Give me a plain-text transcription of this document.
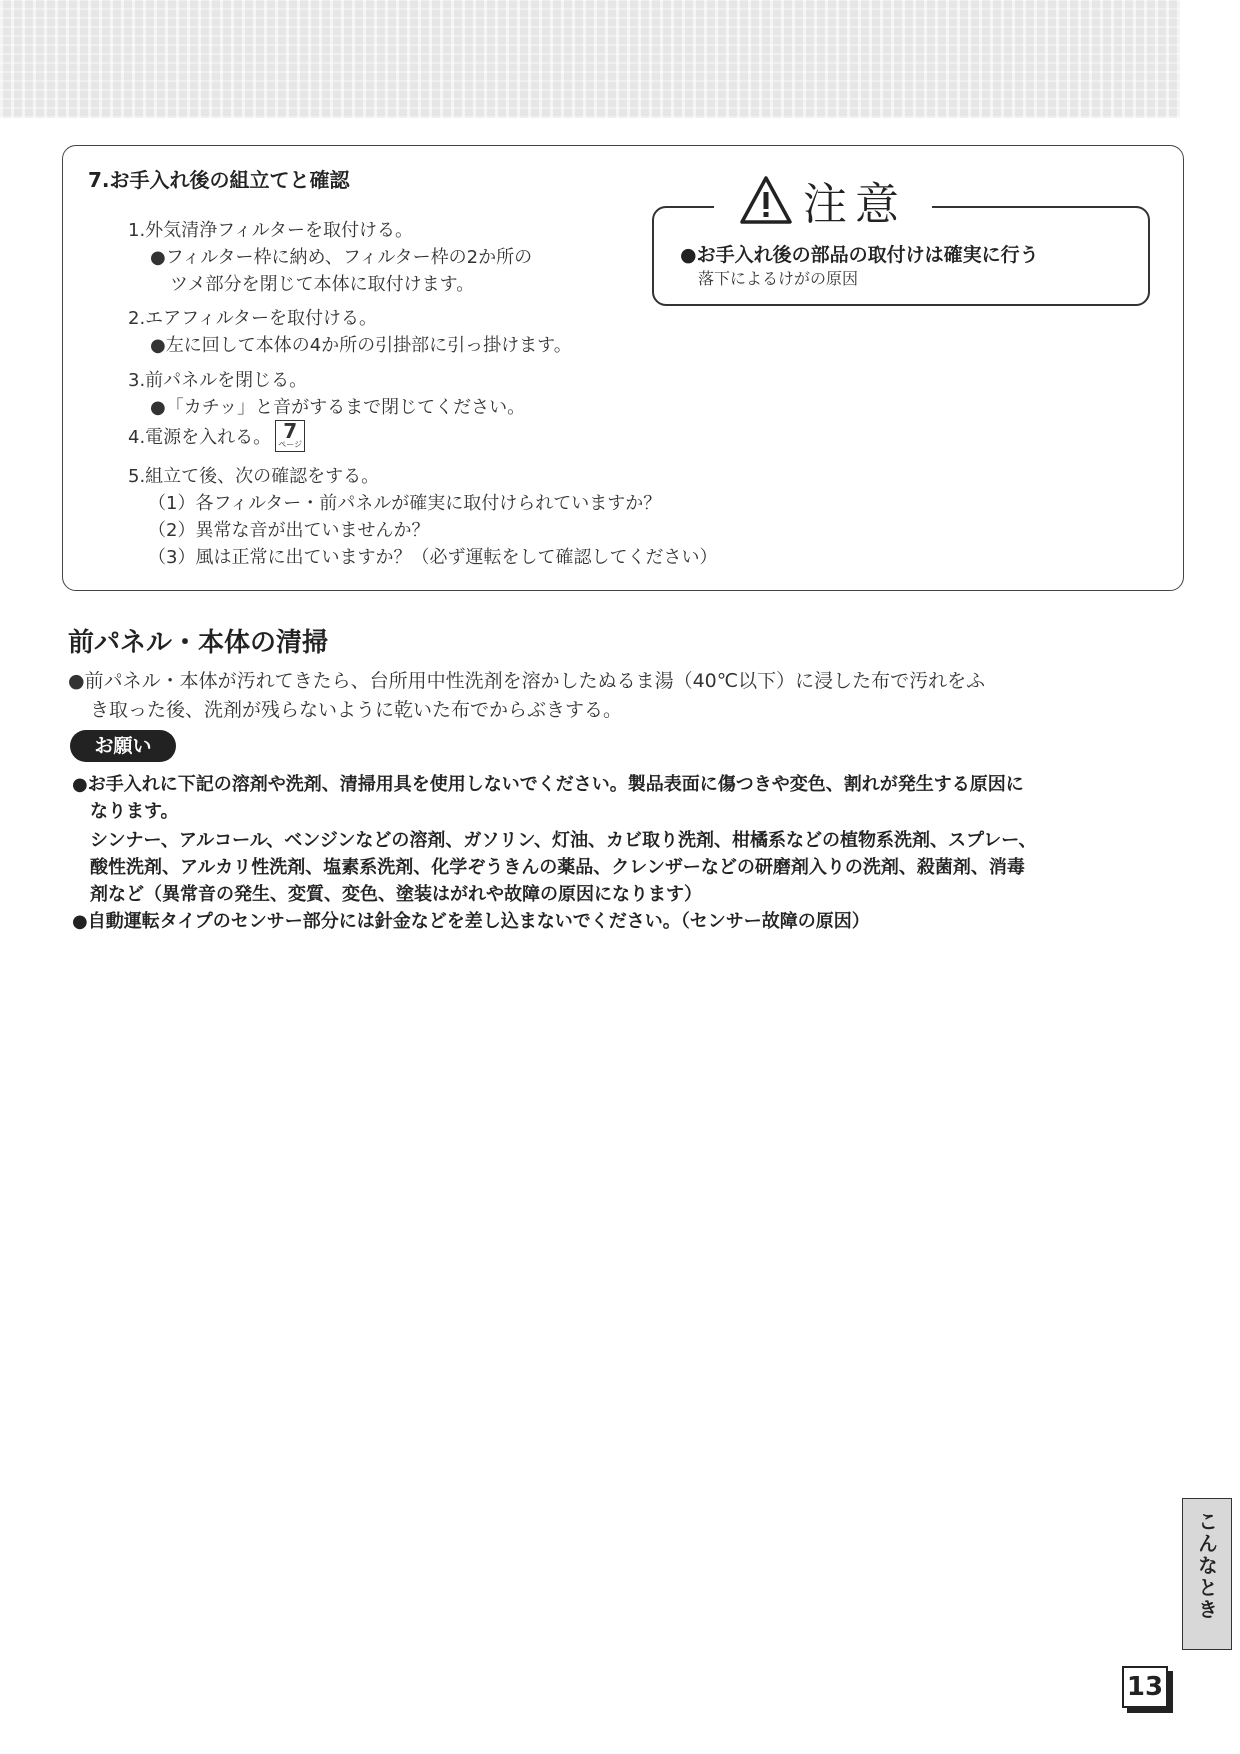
7.お手入れ後の組立てと確認
1.外気清浄フィルターを取付ける。
●フィルター枠に納め、フィルター枠の2か所の
ツメ部分を閉じて本体に取付けます。
2.エアフィルターを取付ける。
●左に回して本体の4か所の引掛部に引っ掛けます。
3.前パネルを閉じる。
●「カチッ」と音がするまで閉じてください。
4.電源を入れる。 7
ページ
5.組立て後、次の確認をする。
（1）各フィルター・前パネルが確実に取付けられていますか？
（2）異常な音が出ていませんか？
（3）風は正常に出ていますか？（必ず運転をして確認してください）
注意
●お手入れ後の部品の取付けは確実に行う
落下によるけがの原因
前パネル・本体の清掃
●前パネル・本体が汚れてきたら、台所用中性洗剤を溶かしたぬるま湯（40℃以下）に浸した布で汚れをふ
き取った後、洗剤が残らないように乾いた布でからぶきする。
お願い
●お手入れに下記の溶剤や洗剤、清掃用具を使用しないでください。製品表面に傷つきや変色、割れが発生する原因に
なります。
シンナー、アルコール、ベンジンなどの溶剤、ガソリン、灯油、カビ取り洗剤、柑橘系などの植物系洗剤、スプレー、
酸性洗剤、アルカリ性洗剤、塩素系洗剤、化学ぞうきんの薬品、クレンザーなどの研磨剤入りの洗剤、殺菌剤、消毒
剤など（異常音の発生、変質、変色、塗装はがれや故障の原因になります）
●自動運転タイプのセンサー部分には針金などを差し込まないでください。（センサー故障の原因）
こんなとき
13
